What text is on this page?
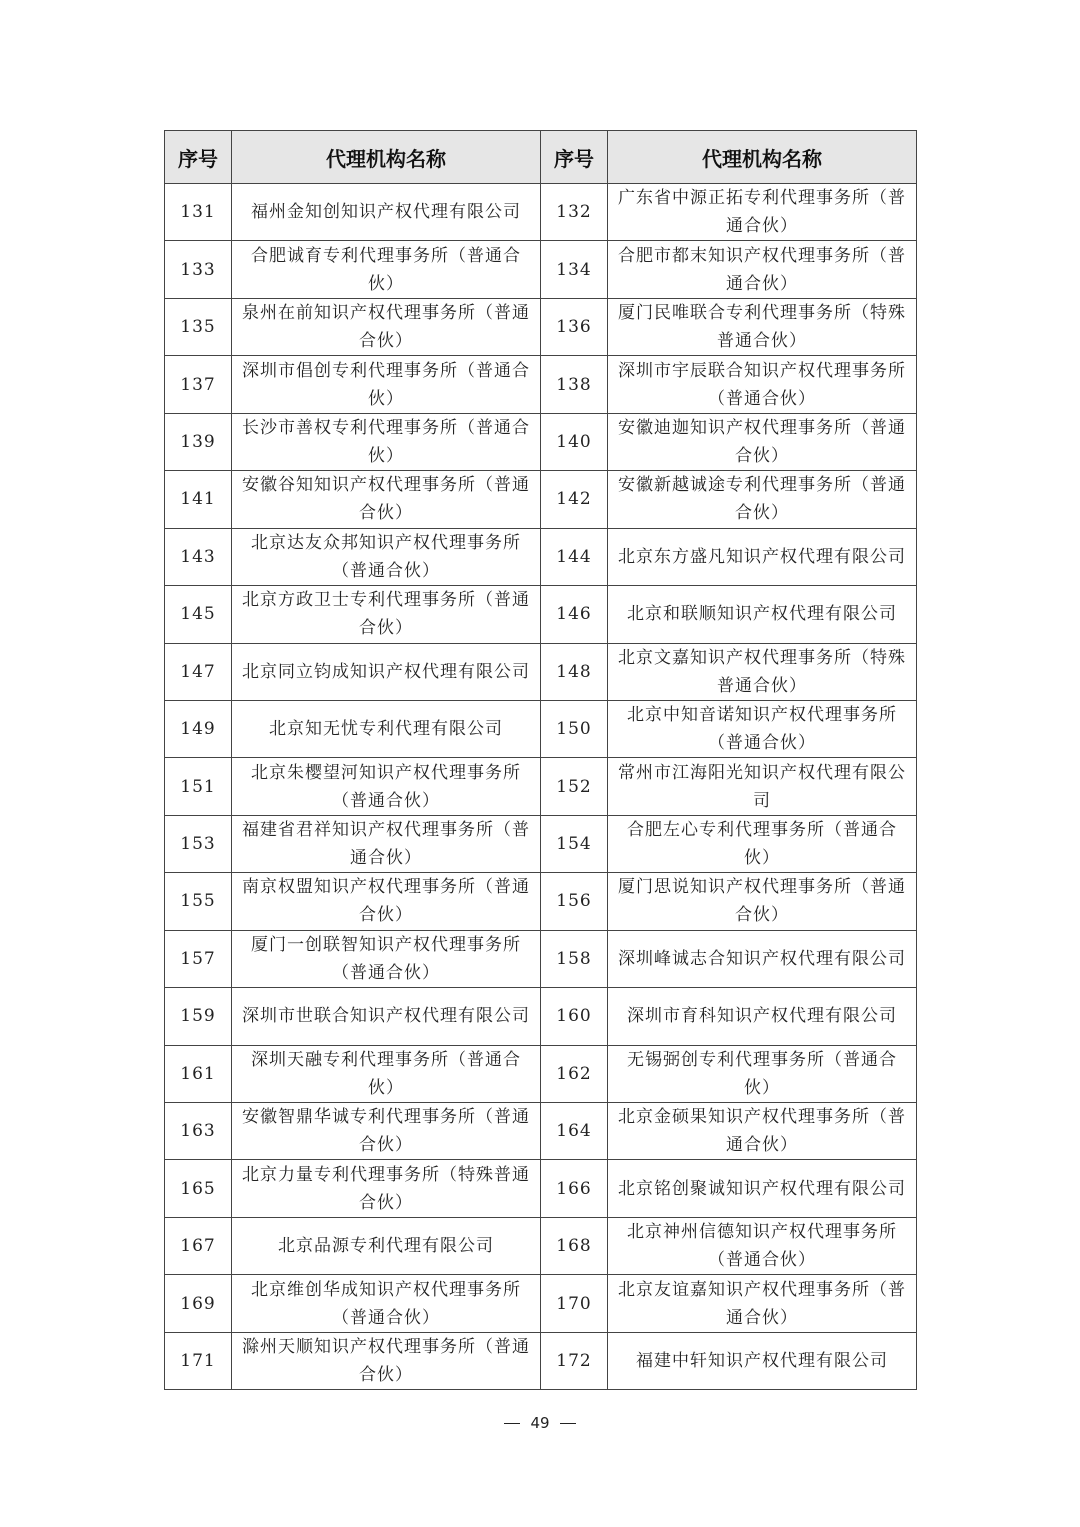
序号	代理机构名称	序号	代理机构名称
131	福州金知创知识产权代理有限公司	132	广东省中源正拓专利代理事务所（普通合伙）
133	合肥诚育专利代理事务所（普通合伙）	134	合肥市都末知识产权代理事务所（普通合伙）
135	泉州在前知识产权代理事务所（普通合伙）	136	厦门民唯联合专利代理事务所（特殊普通合伙）
137	深圳市倡创专利代理事务所（普通合伙）	138	深圳市宇辰联合知识产权代理事务所（普通合伙）
139	长沙市善权专利代理事务所（普通合伙）	140	安徽迪迦知识产权代理事务所（普通合伙）
141	安徽谷知知识产权代理事务所（普通合伙）	142	安徽新越诚途专利代理事务所（普通合伙）
143	北京达友众邦知识产权代理事务所（普通合伙）	144	北京东方盛凡知识产权代理有限公司
145	北京方政卫士专利代理事务所（普通合伙）	146	北京和联顺知识产权代理有限公司
147	北京同立钧成知识产权代理有限公司	148	北京文嘉知识产权代理事务所（特殊普通合伙）
149	北京知无忧专利代理有限公司	150	北京中知音诺知识产权代理事务所（普通合伙）
151	北京朱樱望河知识产权代理事务所（普通合伙）	152	常州市江海阳光知识产权代理有限公司
153	福建省君祥知识产权代理事务所（普通合伙）	154	合肥左心专利代理事务所（普通合伙）
155	南京权盟知识产权代理事务所（普通合伙）	156	厦门思说知识产权代理事务所（普通合伙）
157	厦门一创联智知识产权代理事务所（普通合伙）	158	深圳峰诚志合知识产权代理有限公司
159	深圳市世联合知识产权代理有限公司	160	深圳市育科知识产权代理有限公司
161	深圳天融专利代理事务所（普通合伙）	162	无锡弼创专利代理事务所（普通合伙）
163	安徽智鼎华诚专利代理事务所（普通合伙）	164	北京金硕果知识产权代理事务所（普通合伙）
165	北京力量专利代理事务所（特殊普通合伙）	166	北京铭创聚诚知识产权代理有限公司
167	北京品源专利代理有限公司	168	北京神州信德知识产权代理事务所（普通合伙）
169	北京维创华成知识产权代理事务所（普通合伙）	170	北京友谊嘉知识产权代理事务所（普通合伙）
171	滁州天顺知识产权代理事务所（普通合伙）	172	福建中轩知识产权代理有限公司
49
